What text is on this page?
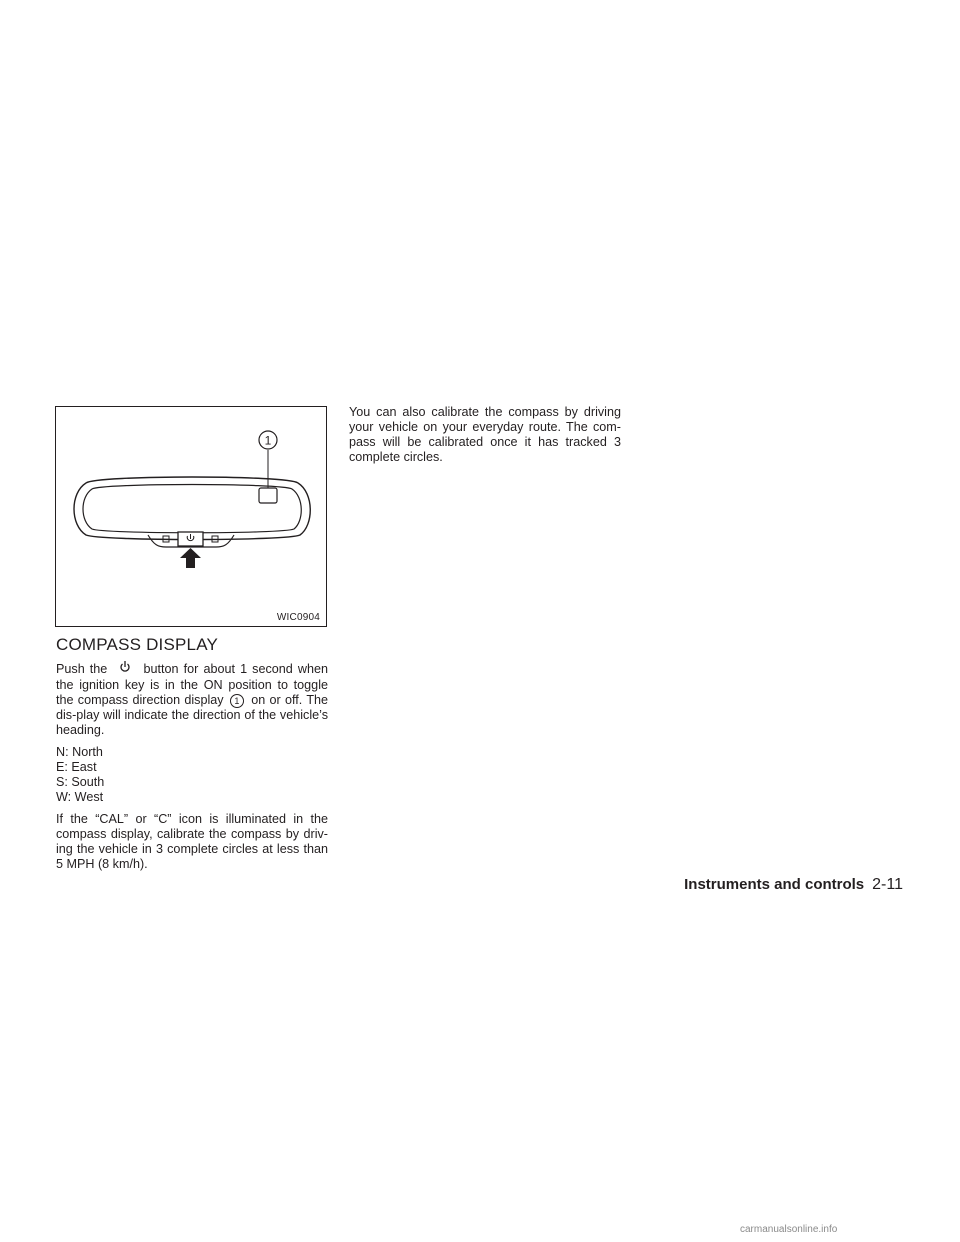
1
WIC0904
COMPASS DISPLAY

Push the	button for about 1 second when the ignition key is in the ON position to toggle the compass direction display 1 on or off. The dis-play will indicate the direction of the vehicle’s heading.

N: North
E: East
S: South
W: West

If the “CAL” or “C” icon is illuminated in the compass display, calibrate the compass by driv-ing the vehicle in 3 complete circles at less than 5 MPH (8 km/h).

You can also calibrate the compass by driving your vehicle on your everyday route. The com-pass will be calibrated once it has tracked 3 complete circles.

Instruments and controls 2-11
carmanualsonline.info
